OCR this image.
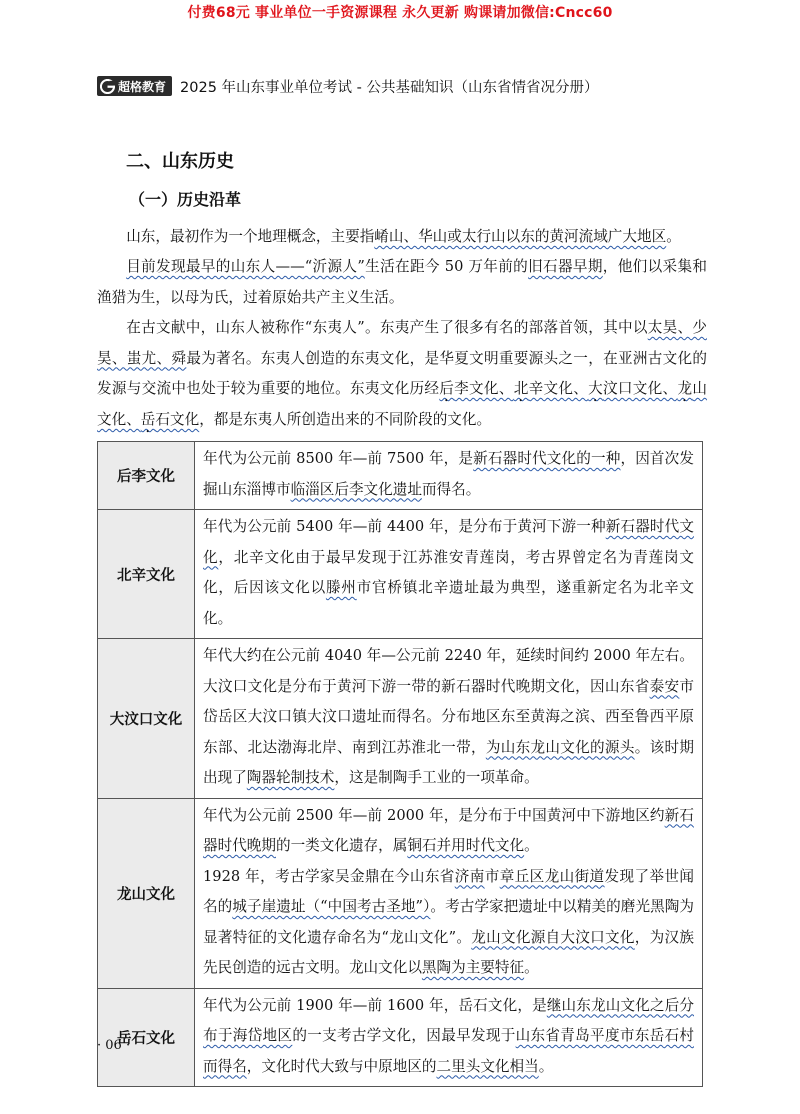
付费68元 事业单位一手资源课程 永久更新 购课请加微信:Cncc60
超格教育 2025 年山东事业单位考试 - 公共基础知识（山东省情省况分册）
二、山东历史
（一）历史沿革
山东，最初作为一个地理概念，主要指崤山、华山或太行山以东的黄河流域广大地区。
目前发现最早的山东人——“沂源人”生活在距今 50 万年前的旧石器早期，他们以采集和渔猎为生，以母为氏，过着原始共产主义生活。
在古文献中，山东人被称作“东夷人”。东夷产生了很多有名的部落首领，其中以太昊、少昊、蚩尤、舜最为著名。东夷人创造的东夷文化，是华夏文明重要源头之一，在亚洲古文化的发源与交流中也处于较为重要的地位。东夷文化历经后李文化、北辛文化、大汶口文化、龙山文化、岳石文化，都是东夷人所创造出来的不同阶段的文化。
后李文化	年代为公元前 8500 年—前 7500 年，是新石器时代文化的一种，因首次发掘山东淄博市临淄区后李文化遗址而得名。

北辛文化	年代为公元前 5400 年—前 4400 年，是分布于黄河下游一种新石器时代文化，北辛文化由于最早发现于江苏淮安青莲岗，考古界曾定名为青莲岗文化，后因该文化以滕州市官桥镇北辛遗址最为典型，遂重新定名为北辛文化。

大汶口文化	年代大约在公元前 4040 年—公元前 2240 年，延续时间约 2000 年左右。大汶口文化是分布于黄河下游一带的新石器时代晚期文化，因山东省泰安市岱岳区大汶口镇大汶口遗址而得名。分布地区东至黄海之滨、西至鲁西平原东部、北达渤海北岸、南到江苏淮北一带，为山东龙山文化的源头。该时期出现了陶器轮制技术，这是制陶手工业的一项革命。

龙山文化	年代为公元前 2500 年—前 2000 年，是分布于中国黄河中下游地区约新石器时代晚期的一类文化遗存，属铜石并用时代文化。

1928 年，考古学家吴金鼎在今山东省济南市章丘区龙山街道发现了举世闻名的城子崖遗址（“中国考古圣地”）。考古学家把遗址中以精美的磨光黑陶为显著特征的文化遗存命名为“龙山文化”。龙山文化源自大汶口文化，为汉族先民创造的远古文明。龙山文化以黑陶为主要特征。

岳石文化	年代为公元前 1900 年—前 1600 年，岳石文化，是继山东龙山文化之后分布于海岱地区的一支考古学文化，因最早发现于山东省青岛平度市东岳石村而得名，文化时代大致与中原地区的二里头文化相当。

· 06 ·
